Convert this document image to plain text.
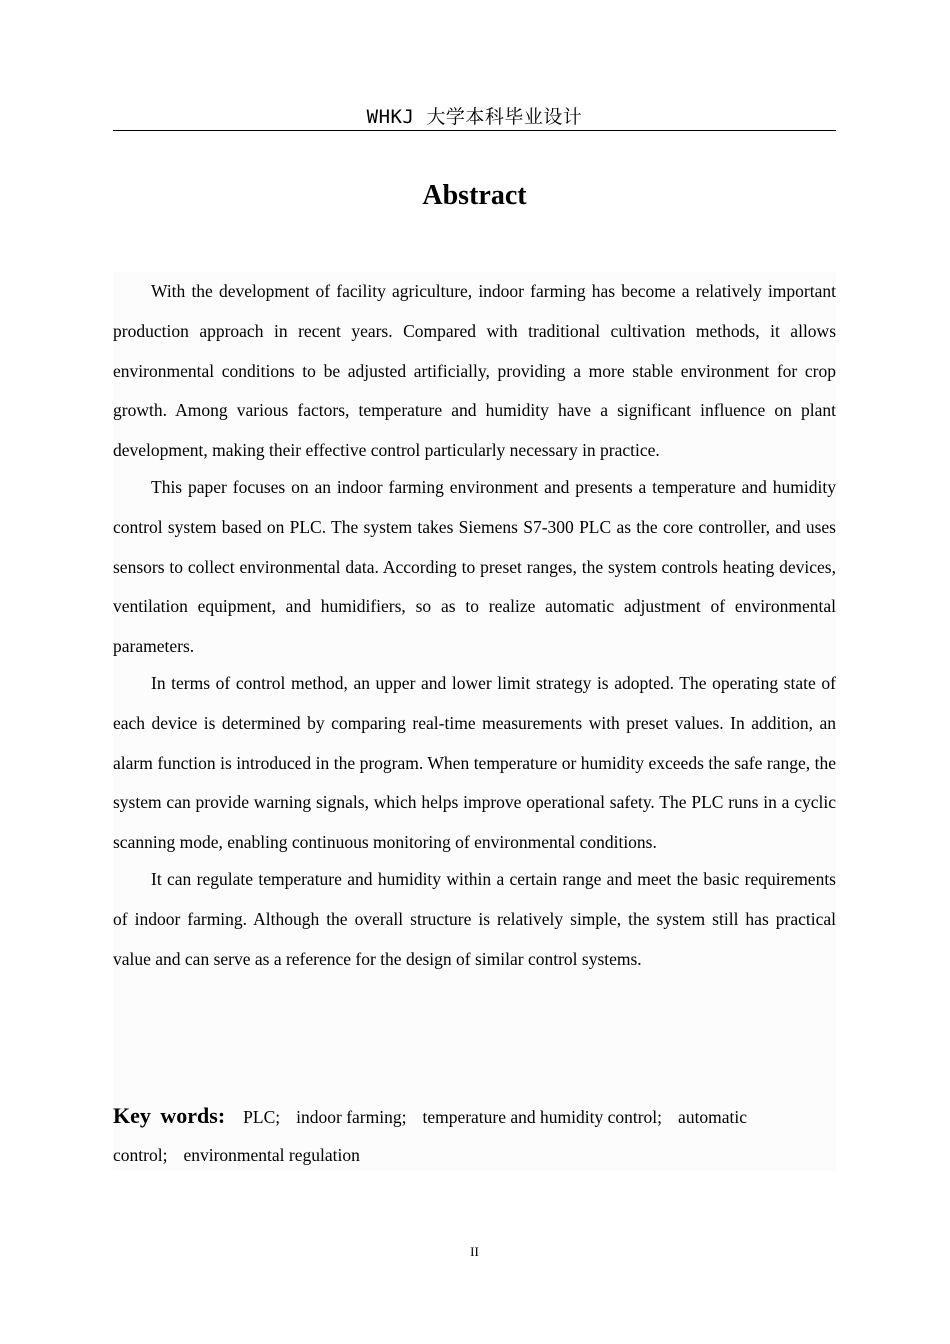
WHKJ 大学本科毕业设计
Abstract

With the development of facility agriculture, indoor farming has become a relatively important production approach in recent years. Compared with traditional cultivation methods, it allows environmental conditions to be adjusted artificially, providing a more stable environment for crop growth. Among various factors, temperature and humidity have a significant influence on plant development, making their effective control particularly necessary in practice.

This paper focuses on an indoor farming environment and presents a temperature and humidity control system based on PLC. The system takes Siemens S7-300 PLC as the core controller, and uses sensors to collect environmental data. According to preset ranges, the system controls heating devices, ventilation equipment, and humidifiers, so as to realize automatic adjustment of environmental parameters.

In terms of control method, an upper and lower limit strategy is adopted. The operating state of each device is determined by comparing real-time measurements with preset values. In addition, an alarm function is introduced in the program. When temperature or humidity exceeds the safe range, the system can provide warning signals, which helps improve operational safety. The PLC runs in a cyclic scanning mode, enabling continuous monitoring of environmental conditions.

It can regulate temperature and humidity within a certain range and meet the basic requirements of indoor farming. Although the overall structure is relatively simple, the system still has practical value and can serve as a reference for the design of similar control systems.

Key words: PLC; indoor farming; temperature and humidity control; automatic control; environmental regulation

II
